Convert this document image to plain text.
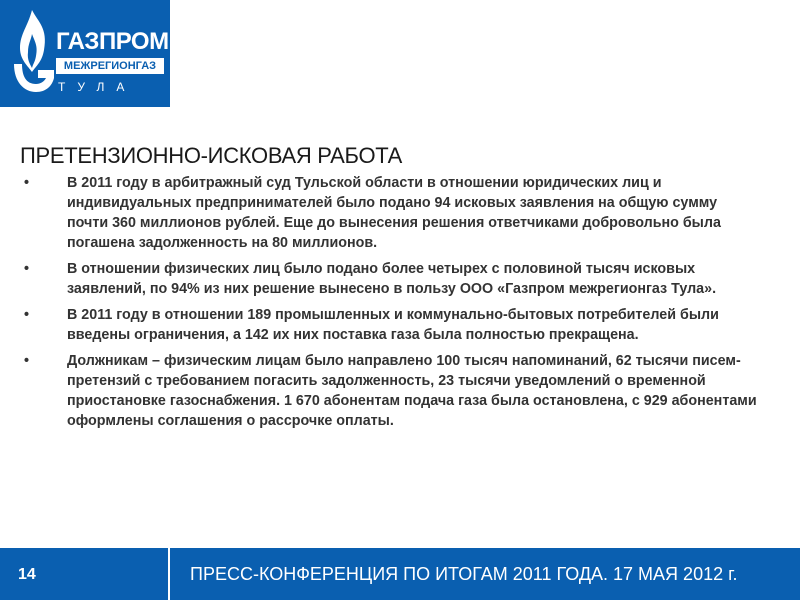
ГАЗПРОМ
МЕЖРЕГИОНГАЗ
ТУЛА
ПРЕТЕНЗИОННО-ИСКОВАЯ РАБОТА
•	В 2011 году в арбитражный суд Тульской области в отношении юридических лиц и индивидуальных предпринимателей было подано 94 исковых заявления на общую сумму почти 360 миллионов рублей. Еще до вынесения решения ответчиками добровольно была погашена задолженность на 80 миллионов.
•	В отношении физических лиц было подано более четырех с половиной тысяч исковых заявлений, по 94% из них решение вынесено в пользу ООО «Газпром межрегионгаз Тула».
•	В 2011 году в отношении 189 промышленных и коммунально-бытовых потребителей были введены ограничения, а 142 их них поставка газа была полностью прекращена.
•	Должникам – физическим лицам было направлено 100 тысяч напоминаний, 62 тысячи писем-претензий с требованием погасить задолженность, 23 тысячи уведомлений о временной приостановке газоснабжения. 1 670 абонентам подача газа была остановлена, с 929 абонентами оформлены соглашения о рассрочке оплаты.
14	ПРЕСС-КОНФЕРЕНЦИЯ ПО ИТОГАМ 2011 ГОДА. 17 МАЯ 2012 г.
